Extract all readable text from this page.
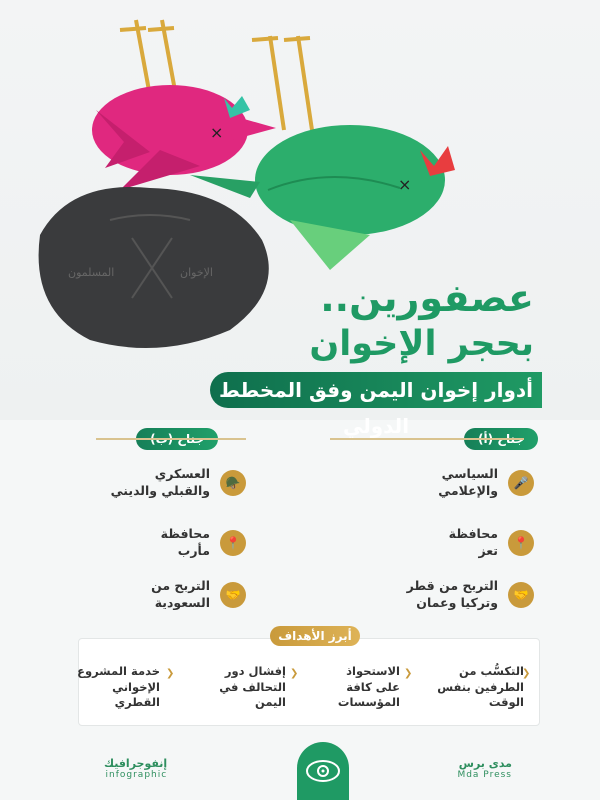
×
×
الإخوان
المسلمون
عصفورين..
بحجر الإخوان
أدوار إخوان اليمن وفق المخطط الدولي
🎤
السياسي
والإعلامي
📍
محافظة
تعز
🤝
التربح من قطر
وتركيا وعمان
🪖
العسكري
والقبلي والديني
📍
محافظة
مأرب
🤝
التربح من
السعودية
أبرز الأهداف
التكسُّب من
الطرفين بنفس
الوقت
❯
الاستحواذ
على كافة
المؤسسات
❯
إفشال دور
التحالف في
اليمن
❯
خدمة المشروع
الإخواني
القطري
❯
إنفوجرافيك
infographic
مدى برس
Mda Press
